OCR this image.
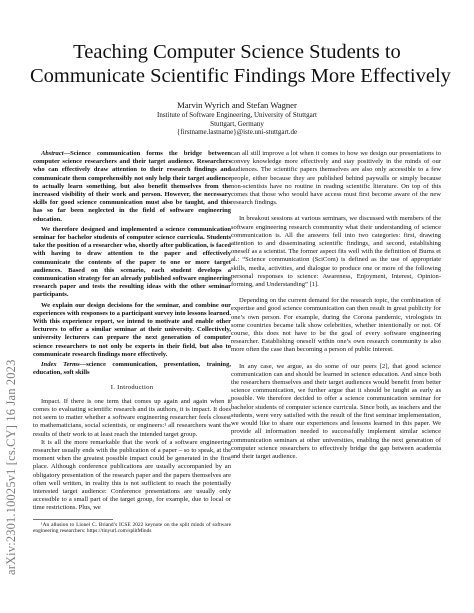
arXiv:2301.10025v1 [cs.CY] 16 Jan 2023
Teaching Computer Science Students to
Communicate Scientific Findings More Effectively
Marvin Wyrich and Stefan Wagner
Institute of Software Engineering, University of Stuttgart
Stuttgart, Germany
{firstname.lastname}@iste.uni-stuttgart.de

Abstract—Science communication forms the bridge between computer science researchers and their target audience. Researchers who can effectively draw attention to their research findings and communicate them comprehensibly not only help their target audience to actually learn something, but also benefit themselves from the increased visibility of their work and person. However, the necessary skills for good science communication must also be taught, and this has so far been neglected in the field of software engineering education.

We therefore designed and implemented a science communication seminar for bachelor students of computer science curricula. Students take the position of a researcher who, shortly after publication, is faced with having to draw attention to the paper and effectively communicate the contents of the paper to one or more target audiences. Based on this scenario, each student develops a communication strategy for an already published software engineering research paper and tests the resulting ideas with the other seminar participants.

We explain our design decisions for the seminar, and combine our experiences with responses to a participant survey into lessons learned. With this experience report, we intend to motivate and enable other lecturers to offer a similar seminar at their university. Collectively, university lecturers can prepare the next generation of computer science researchers to not only be experts in their field, but also to communicate research findings more effectively.

Index Terms—science communication, presentation, training, education, soft skills
I. Introduction

Impact. If there is one term that comes up again and again when it comes to evaluating scientific research and its authors, it is impact. It does not seem to matter whether a software engineering researcher feels closest to mathematicians, social scientists, or engineers:¹ all researchers want the results of their work to at least reach the intended target group.

It is all the more remarkable that the work of a software engineering researcher usually ends with the publication of a paper – so to speak, at the moment when the greatest possible impact could be generated in the first place. Although conference publications are usually accompanied by an obligatory presentation of the research paper and the papers themselves are often well written, in reality this is not sufficient to reach the potentially interested target audience: Conference presentations are usually only accessible to a small part of the target group, for example, due to local or time restrictions. Plus, we

¹An allusion to Lionel C. Briand’s ICSE 2022 keynote on the split minds of software engineering researchers: https://tinyurl.com/splitMinds

can all still improve a lot when it comes to how we design our presentations to convey knowledge more effectively and stay positively in the minds of our audiences. The scientific papers themselves are also only accessible to a few people, either because they are published behind paywalls or simply because non-scientists have no routine in reading scientific literature. On top of this comes that those who would have access must first become aware of the new research findings.

In breakout sessions at various seminars, we discussed with members of the software engineering research community what their understanding of science communication is. All the answers fell into two categories: first, drawing attention to and disseminating scientific findings, and second, establishing oneself as a scientist. The former aspect fits well with the definition of Burns et al.: “Science communication (SciCom) is defined as the use of appropriate skills, media, activities, and dialogue to produce one or more of the following personal responses to science: Awareness, Enjoyment, Interest, Opinion-forming, and Understanding” [1].

Depending on the current demand for the research topic, the combination of expertise and good science communication can then result in great publicity for one’s own person. For example, during the Corona pandemic, virologists in some countries became talk show celebrities, whether intentionally or not. Of course, this does not have to be the goal of every software engineering researcher. Establishing oneself within one’s own research community is also more often the case than becoming a person of public interest.

In any case, we argue, as do some of our peers [2], that good science communication can and should be learned in science education. And since both the researchers themselves and their target audiences would benefit from better science communication, we further argue that it should be taught as early as possible. We therefore decided to offer a science communication seminar for bachelor students of computer science curricula. Since both, as teachers and the students, were very satisfied with the result of the first seminar implementation, we would like to share our experiences and lessons learned in this paper. We provide all information needed to successfully implement similar science communication seminars at other universities, enabling the next generation of computer science researchers to effectively bridge the gap between academia and their target audience.
